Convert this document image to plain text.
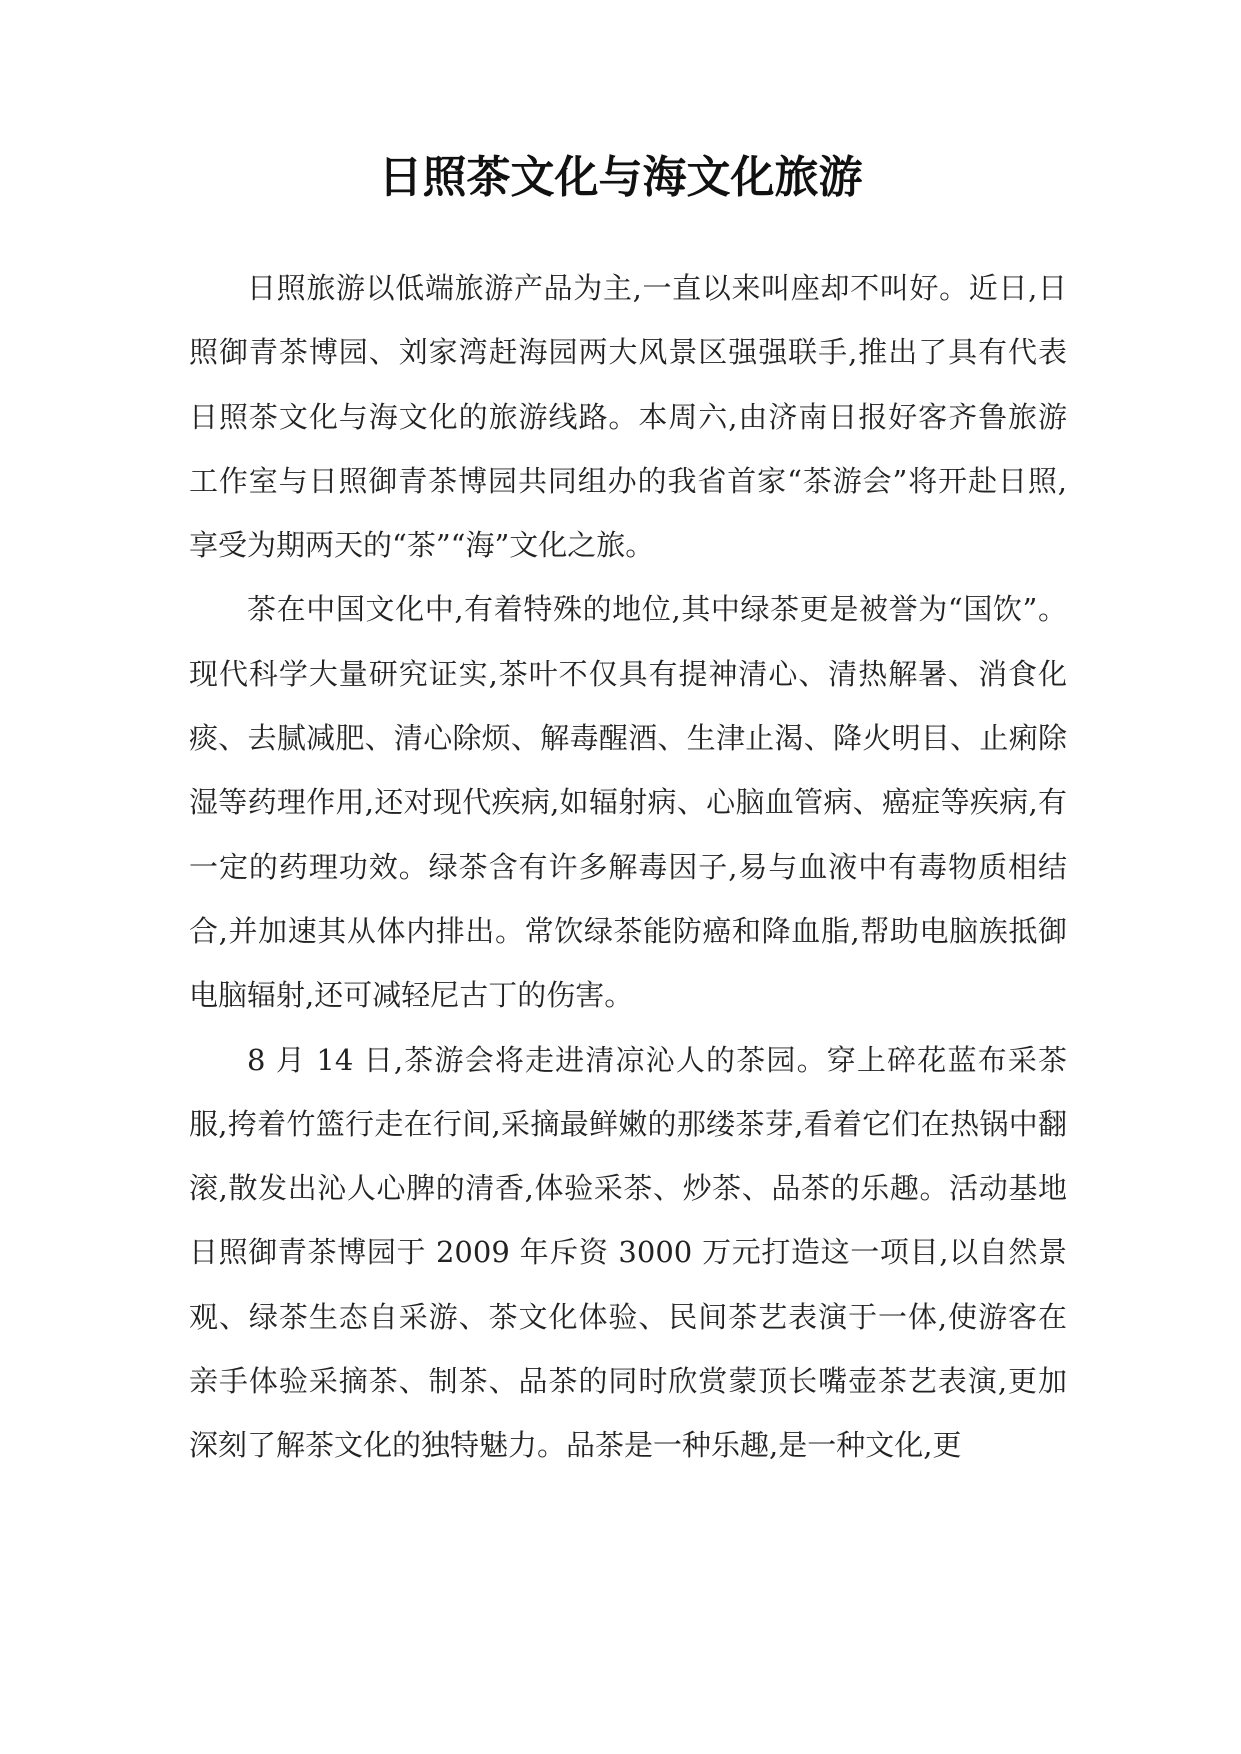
日照茶文化与海文化旅游

日照旅游以低端旅游产品为主,一直以来叫座却不叫好。近日,日照御青茶博园、刘家湾赶海园两大风景区强强联手,推出了具有代表日照茶文化与海文化的旅游线路。本周六,由济南日报好客齐鲁旅游工作室与日照御青茶博园共同组办的我省首家“茶游会”将开赴日照,享受为期两天的“茶”“海”文化之旅。

茶在中国文化中,有着特殊的地位,其中绿茶更是被誉为“国饮”。现代科学大量研究证实,茶叶不仅具有提神清心、清热解暑、消食化痰、去腻减肥、清心除烦、解毒醒酒、生津止渴、降火明目、止痢除湿等药理作用,还对现代疾病,如辐射病、心脑血管病、癌症等疾病,有一定的药理功效。绿茶含有许多解毒因子,易与血液中有毒物质相结合,并加速其从体内排出。常饮绿茶能防癌和降血脂,帮助电脑族抵御电脑辐射,还可减轻尼古丁的伤害。

8 月 14 日,茶游会将走进清凉沁人的茶园。穿上碎花蓝布采茶服,挎着竹篮行走在行间,采摘最鲜嫩的那缕茶芽,看着它们在热锅中翻滚,散发出沁人心脾的清香,体验采茶、炒茶、品茶的乐趣。活动基地日照御青茶博园于 2009 年斥资 3000 万元打造这一项目,以自然景观、绿茶生态自采游、茶文化体验、民间茶艺表演于一体,使游客在亲手体验采摘茶、制茶、品茶的同时欣赏蒙顶长嘴壶茶艺表演,更加深刻了解茶文化的独特魅力。品茶是一种乐趣,是一种文化,更
